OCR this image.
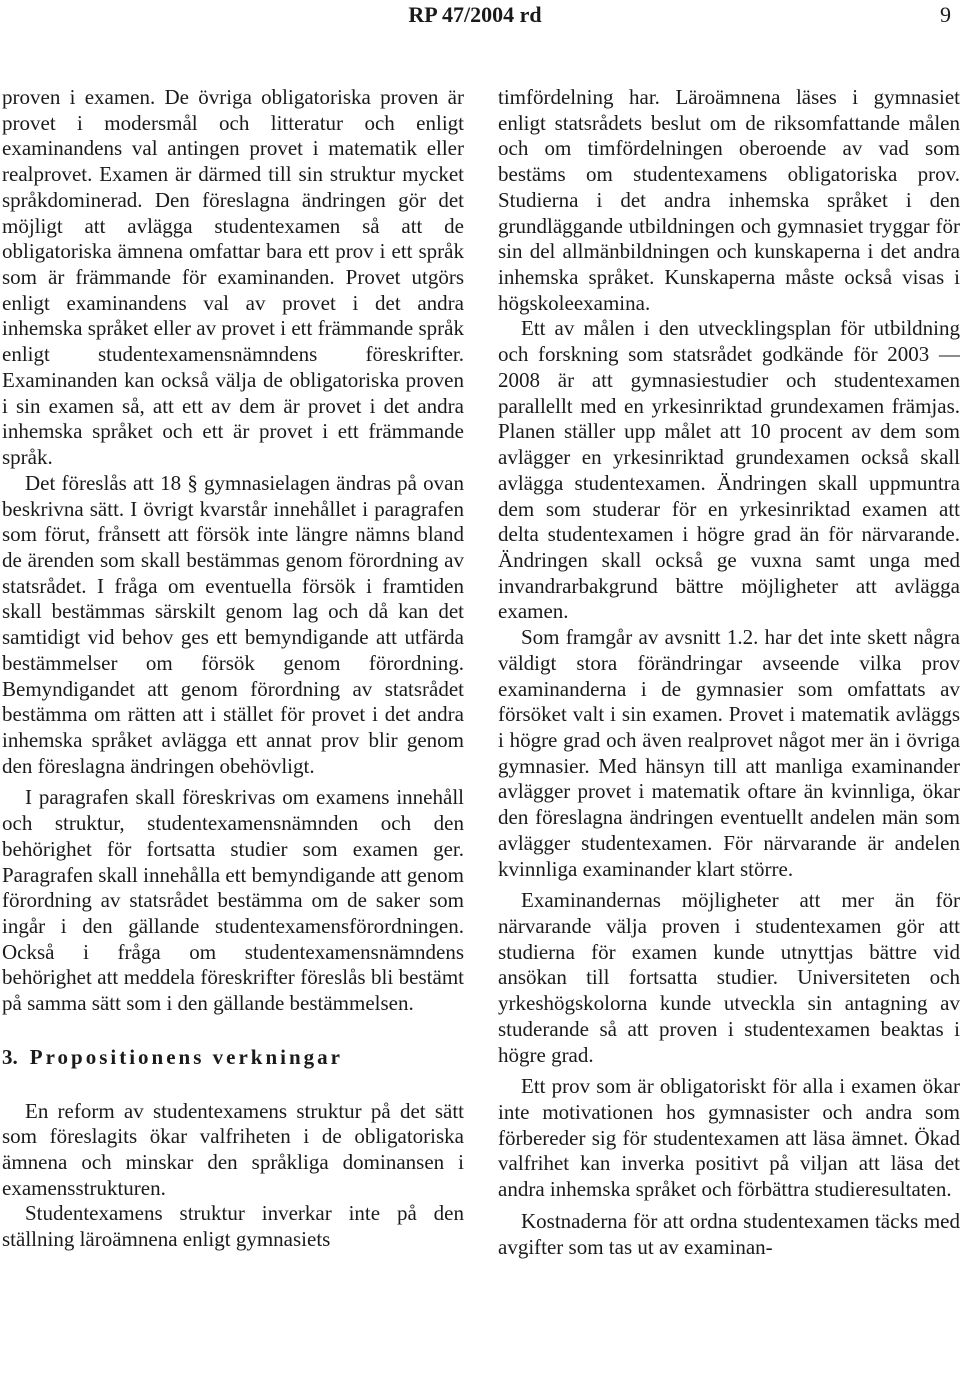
RP 47/2004 rd	9

proven i examen. De övriga obligatoriska proven är provet i modersmål och litteratur och enligt examinandens val antingen provet i matematik eller realprovet. Examen är därmed till sin struktur mycket språkdominerad. Den föreslagna ändringen gör det möjligt att avlägga studentexamen så att de obligatoriska ämnena omfattar bara ett prov i ett språk som är främmande för examinanden. Provet utgörs enligt examinandens val av provet i det andra inhemska språket eller av provet i ett främmande språk enligt studentexamensnämndens föreskrifter. Examinanden kan också välja de obligatoriska proven i sin examen så, att ett av dem är provet i det andra inhemska språket och ett är provet i ett främmande språk.

Det föreslås att 18 § gymnasielagen ändras på ovan beskrivna sätt. I övrigt kvarstår innehållet i paragrafen som förut, frånsett att försök inte längre nämns bland de ärenden som skall bestämmas genom förordning av statsrådet. I fråga om eventuella försök i framtiden skall bestämmas särskilt genom lag och då kan det samtidigt vid behov ges ett bemyndigande att utfärda bestämmelser om försök genom förordning. Bemyndigandet att genom förordning av statsrådet bestämma om rätten att i stället för provet i det andra inhemska språket avlägga ett annat prov blir genom den föreslagna ändringen obehövligt.

I paragrafen skall föreskrivas om examens innehåll och struktur, studentexamensnämnden och den behörighet för fortsatta studier som examen ger. Paragrafen skall innehålla ett bemyndigande att genom förordning av statsrådet bestämma om de saker som ingår i den gällande studentexamensförordningen. Också i fråga om studentexamensnämndens behörighet att meddela föreskrifter föreslås bli bestämt på samma sätt som i den gällande bestämmelsen.

3. Propositionens verkningar

En reform av studentexamens struktur på det sätt som föreslagits ökar valfriheten i de obligatoriska ämnena och minskar den språkliga dominansen i examensstrukturen.

Studentexamens struktur inverkar inte på den ställning läroämnena enligt gymnasiets

timfördelning har. Läroämnena läses i gymnasiet enligt statsrådets beslut om de riksomfattande målen och om timfördelningen oberoende av vad som bestäms om studentexamens obligatoriska prov. Studierna i det andra inhemska språket i den grundläggande utbildningen och gymnasiet tryggar för sin del allmänbildningen och kunskaperna i det andra inhemska språket. Kunskaperna måste också visas i högskoleexamina.

Ett av målen i den utvecklingsplan för utbildning och forskning som statsrådet godkände för 2003 — 2008 är att gymnasiestudier och studentexamen parallellt med en yrkesinriktad grundexamen främjas. Planen ställer upp målet att 10 procent av dem som avlägger en yrkesinriktad grundexamen också skall avlägga studentexamen. Ändringen skall uppmuntra dem som studerar för en yrkesinriktad examen att delta studentexamen i högre grad än för närvarande. Ändringen skall också ge vuxna samt unga med invandrarbakgrund bättre möjligheter att avlägga examen.

Som framgår av avsnitt 1.2. har det inte skett några väldigt stora förändringar avseende vilka prov examinanderna i de gymnasier som omfattats av försöket valt i sin examen. Provet i matematik avläggs i högre grad och även realprovet något mer än i övriga gymnasier. Med hänsyn till att manliga examinander avlägger provet i matematik oftare än kvinnliga, ökar den föreslagna ändringen eventuellt andelen män som avlägger studentexamen. För närvarande är andelen kvinnliga examinander klart större.

Examinandernas möjligheter att mer än för närvarande välja proven i studentexamen gör att studierna för examen kunde utnyttjas bättre vid ansökan till fortsatta studier. Universiteten och yrkeshögskolorna kunde utveckla sin antagning av studerande så att proven i studentexamen beaktas i högre grad.

Ett prov som är obligatoriskt för alla i examen ökar inte motivationen hos gymnasister och andra som förbereder sig för studentexamen att läsa ämnet. Ökad valfrihet kan inverka positivt på viljan att läsa det andra inhemska språket och förbättra studieresultaten.

Kostnaderna för att ordna studentexamen täcks med avgifter som tas ut av examinan-
